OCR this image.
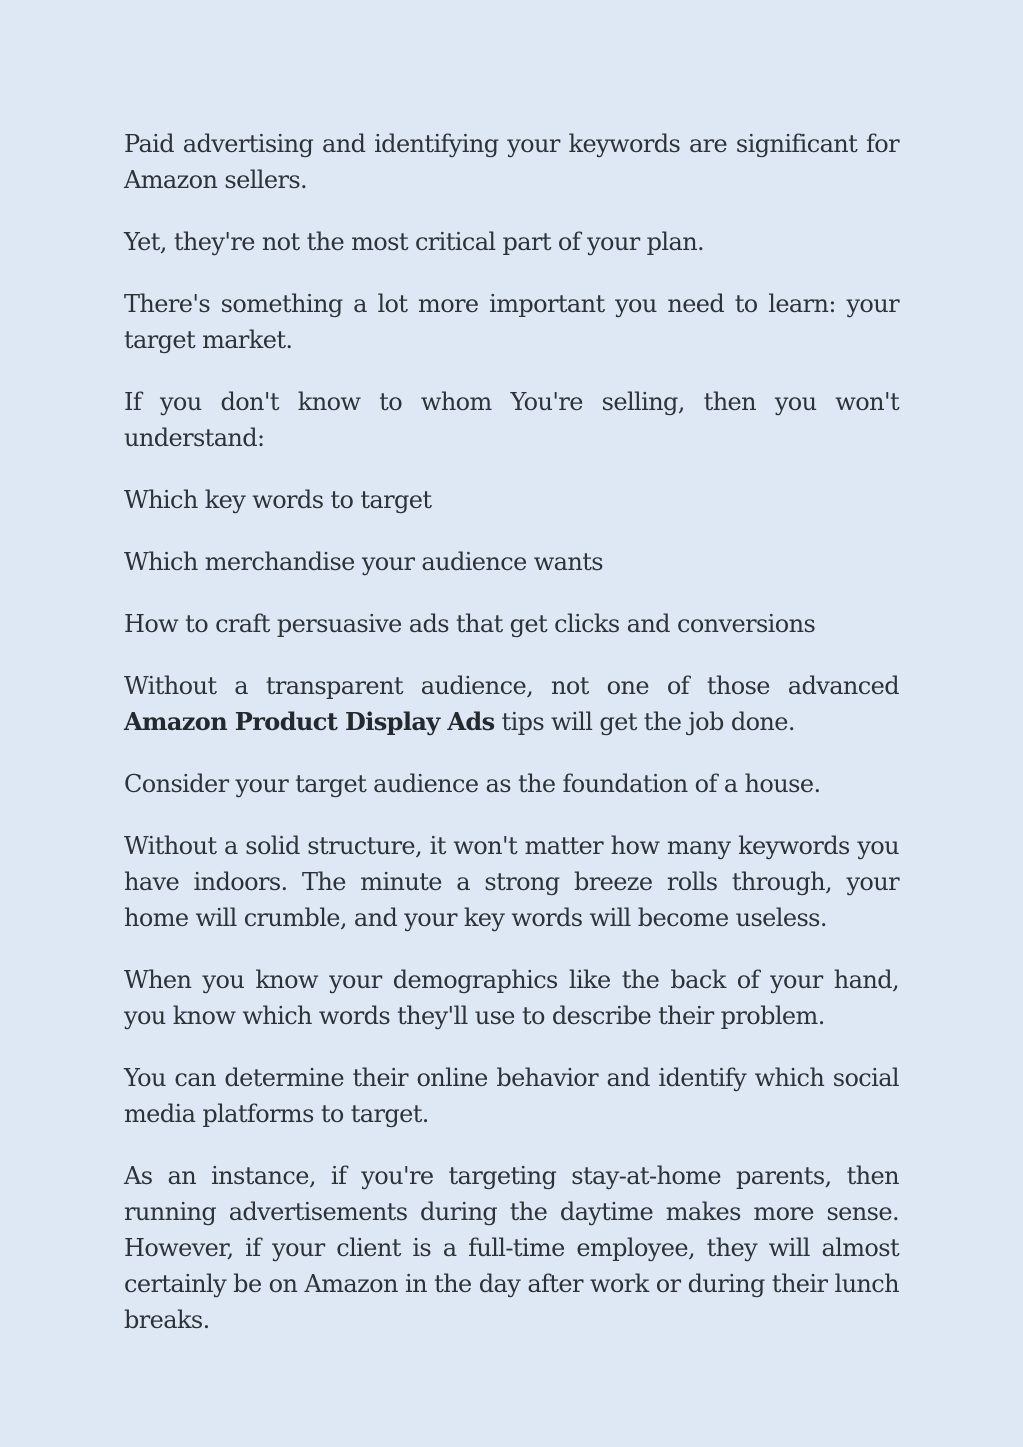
Paid advertising and identifying your keywords are significant for Amazon sellers.

Yet, they're not the most critical part of your plan.

There's something a lot more important you need to learn: your target market.

If you don't know to whom You're selling, then you won't understand:

Which key words to target

Which merchandise your audience wants

How to craft persuasive ads that get clicks and conversions

Without a transparent audience, not one of those advanced Amazon Product Display Ads tips will get the job done.

Consider your target audience as the foundation of a house.

Without a solid structure, it won't matter how many keywords you have indoors. The minute a strong breeze rolls through, your home will crumble, and your key words will become useless.

When you know your demographics like the back of your hand, you know which words they'll use to describe their problem.

You can determine their online behavior and identify which social media platforms to target.

As an instance, if you're targeting stay-at-home parents, then running advertisements during the daytime makes more sense. However, if your client is a full-time employee, they will almost certainly be on Amazon in the day after work or during their lunch breaks.
